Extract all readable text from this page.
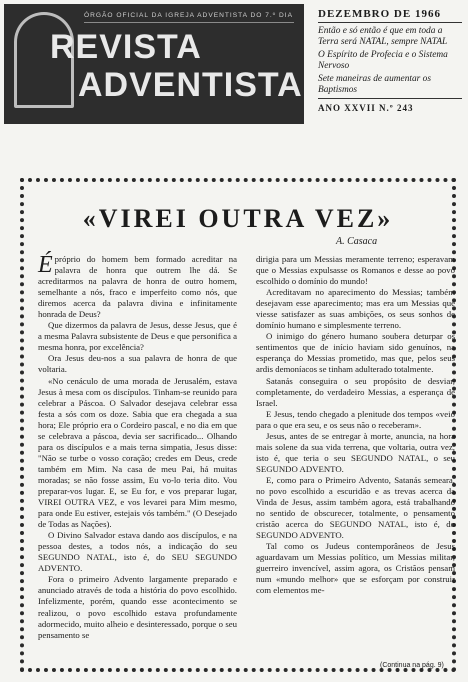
ÓRGÃO OFICIAL DA IGREJA ADVENTISTA DO 7.º DIA
REVISTA
ADVENTISTA
DEZEMBRO DE 1966

Então e só então é que em toda a Terra será NATAL, sempre NATAL

O Espírito de Profecia e o Sistema Nervoso

Sete maneiras de aumentar os Baptismos

ANO XXVII N.º 243
«VIREI OUTRA VEZ»
A. Casaca

Épróprio do homem bem formado acreditar na palavra de honra que outrem lhe dá. Se acreditarmos na palavra de honra de outro homem, semelhante a nós, fraco e imperfeito como nós, que diremos acerca da palavra divina e infinitamente honrada de Deus?

Que dizermos da palavra de Jesus, desse Jesus, que é a mesma Palavra subsistente de Deus e que personifica a mesma honra, por excelência?

Ora Jesus deu-nos a sua palavra de honra de que voltaria.

«No cenáculo de uma morada de Jerusalém, estava Jesus à mesa com os discípulos. Tinham-se reunido para celebrar a Páscoa. O Salvador desejava celebrar essa festa a sós com os doze. Sabia que era chegada a sua hora; Ele próprio era o Cordeiro pascal, e no dia em que se celebrava a páscoa, devia ser sacrificado... Olhando para os discípulos e a mais terna simpatia, Jesus disse: "Não se turbe o vosso coração; credes em Deus, crede também em Mim. Na casa de meu Pai, há muitas moradas; se não fosse assim, Eu vo-lo teria dito. Vou preparar-vos lugar. E, se Eu for, e vos preparar lugar, VIREI OUTRA VEZ, e vos levarei para Mim mesmo, para onde Eu estiver, estejais vós também." (O Desejado de Todas as Nações).

O Divino Salvador estava dando aos discípulos, e na pessoa destes, a todos nós, a indicação do seu SEGUNDO NATAL, isto é, do SEU SEGUNDO ADVENTO.

Fora o primeiro Advento largamente preparado e anunciado através de toda a história do povo escolhido. Infelizmente, porém, quando esse acontecimento se realizou, o povo escolhido estava profundamente adormecido, muito alheio e desinteressado, porque o seu pensamento se

dirigia para um Messias meramente terreno; esperavam que o Messias expulsasse os Romanos e desse ao povo escolhido o domínio do mundo!

Acreditavam no aparecimento do Messias; também desejavam esse aparecimento; mas era um Messias que viesse satisfazer as suas ambições, os seus sonhos de domínio humano e simplesmente terreno.

O inimigo do género humano soubera deturpar os sentimentos que de início haviam sido genuínos, na esperança do Messias prometido, mas que, pelos seus ardis demoníacos se tinham adulterado totalmente.

Satanás conseguira o seu propósito de desviar, completamente, do verdadeiro Messias, a esperança de Israel.

E Jesus, tendo chegado a plenitude dos tempos «veio para o que era seu, e os seus não o receberam».

Jesus, antes de se entregar à morte, anuncia, na hora mais solene da sua vida terrena, que voltaria, outra vez, isto é, que teria o seu SEGUNDO NATAL, o seu SEGUNDO ADVENTO.

E, como para o Primeiro Advento, Satanás semeara, no povo escolhido a escuridão e as trevas acerca da Vinda de Jesus, assim também agora, está trabalhando no sentido de obscurecer, totalmente, o pensamento cristão acerca do SEGUNDO NATAL, isto é, do SEGUNDO ADVENTO.

Tal como os Judeus contemporâneos de Jesus aguardavam um Messias político, um Messias militar, guerreiro invencível, assim agora, os Cristãos pensam num «mundo melhor» que se esforçam por construir com elementos me-

(Continua na pág. 9)
